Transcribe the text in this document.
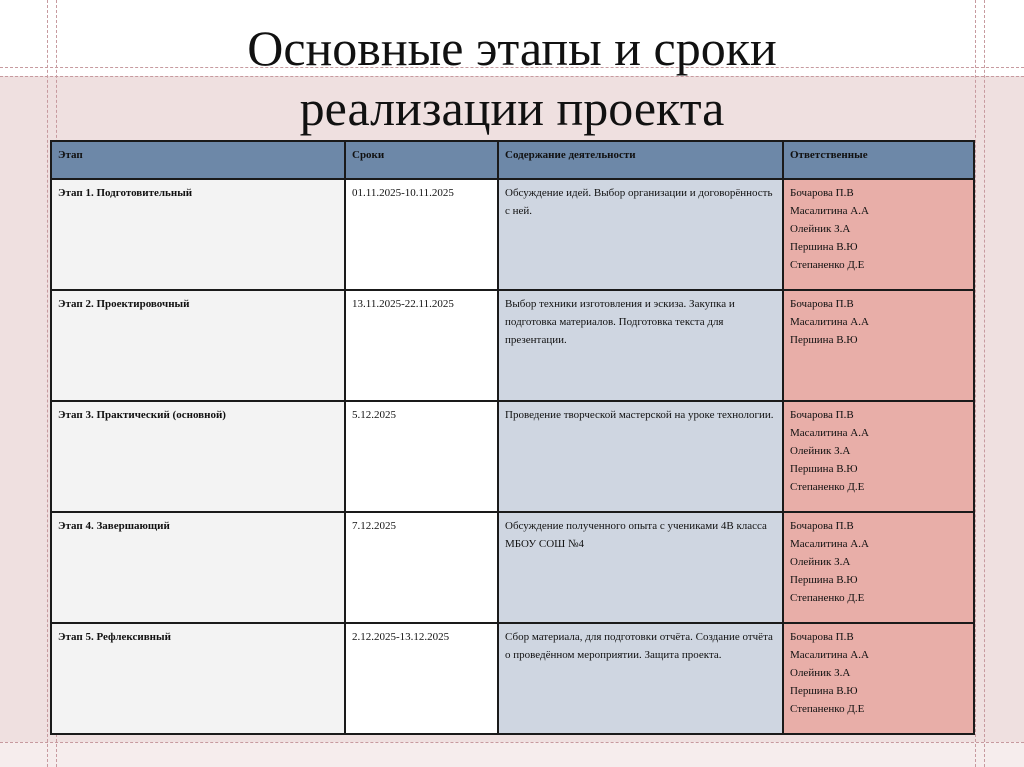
Основные этапы и сроки
реализации проекта
Этап	Сроки	Содержание деятельности	Ответственные
Этап 1. Подготовительный	01.11.2025-10.11.2025	Обсуждение идей. Выбор организации и договорённость с ней.	Бочарова П.В
Масалитина А.А
Олейник З.А
Першина В.Ю
Степаненко Д.Е

Этап 2. Проектировочный	13.11.2025-22.11.2025	Выбор техники изготовления и эскиза. Закупка и подготовка материалов. Подготовка текста для презентации.	Бочарова П.В
Масалитина А.А
Першина В.Ю

Этап 3. Практический (основной)	5.12.2025	Проведение творческой мастерской на уроке технологии.	Бочарова П.В
Масалитина А.А
Олейник З.А
Першина В.Ю
Степаненко Д.Е

Этап 4. Завершающий	7.12.2025	Обсуждение полученного опыта с учениками 4В класса МБОУ СОШ №4	Бочарова П.В
Масалитина А.А
Олейник З.А
Першина В.Ю
Степаненко Д.Е

Этап 5. Рефлексивный	2.12.2025-13.12.2025	Сбор материала, для подготовки отчёта. Создание отчёта о проведённом мероприятии. Защита проекта.	Бочарова П.В
Масалитина А.А
Олейник З.А
Першина В.Ю
Степаненко Д.Е
